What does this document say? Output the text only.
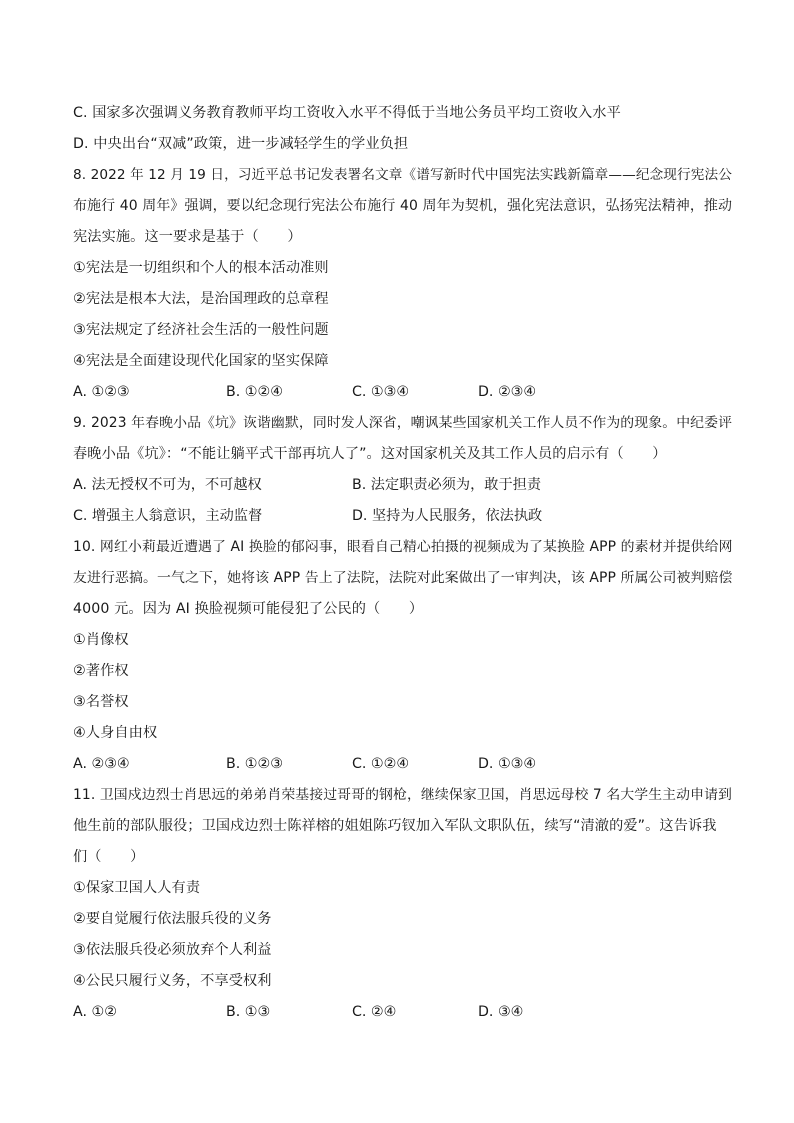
C. 国家多次强调义务教育教师平均工资收入水平不得低于当地公务员平均工资收入水平
D. 中央出台“双减”政策，进一步减轻学生的学业负担
8. 2022 年 12 月 19 日，习近平总书记发表署名文章《谱写新时代中国宪法实践新篇章——纪念现行宪法公
布施行 40 周年》强调，要以纪念现行宪法公布施行 40 周年为契机，强化宪法意识，弘扬宪法精神，推动
宪法实施。这一要求是基于（　　）
①宪法是一切组织和个人的根本活动准则
②宪法是根本大法，是治国理政的总章程
③宪法规定了经济社会生活的一般性问题
④宪法是全面建设现代化国家的坚实保障
A. ①②③	B. ①②④	C. ①③④	D. ②③④
9. 2023 年春晚小品《坑》诙谐幽默，同时发人深省，嘲讽某些国家机关工作人员不作为的现象。中纪委评
春晚小品《坑》：“不能让躺平式干部再坑人了”。这对国家机关及其工作人员的启示有（　　）
A. 法无授权不可为，不可越权	B. 法定职责必须为，敢于担责
C. 增强主人翁意识，主动监督	D. 坚持为人民服务，依法执政
10. 网红小莉最近遭遇了 AI 换脸的郁闷事，眼看自己精心拍摄的视频成为了某换脸 APP 的素材并提供给网
友进行恶搞。一气之下，她将该 APP 告上了法院，法院对此案做出了一审判决，该 APP 所属公司被判赔偿
4000 元。因为 AI 换脸视频可能侵犯了公民的（　　）
①肖像权
②著作权
③名誉权
④人身自由权
A. ②③④	B. ①②③	C. ①②④	D. ①③④
11. 卫国戍边烈士肖思远的弟弟肖荣基接过哥哥的钢枪，继续保家卫国，肖思远母校 7 名大学生主动申请到
他生前的部队服役；卫国戍边烈士陈祥榕的姐姐陈巧钗加入军队文职队伍，续写“清澈的爱”。这告诉我
们（　　）
①保家卫国人人有责
②要自觉履行依法服兵役的义务
③依法服兵役必须放弃个人利益
④公民只履行义务，不享受权利
A. ①②	B. ①③	C. ②④	D. ③④
